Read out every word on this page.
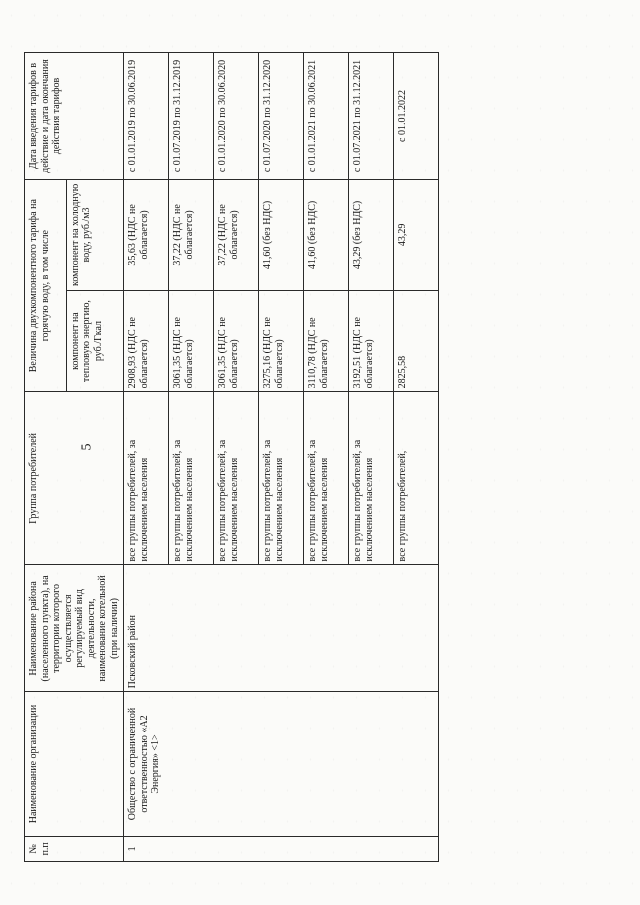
5
№ п.п	Наименование организации	Наименование района (населенного пункта), на территории которого осуществляется регулируемый вид деятельности, наименование котельной (при наличии)	Группа потребителей	Величина двухкомпонентного тарифа на горячую воду, в том числе		Дата введения тарифов в действие и дата окончания действия тарифов
				компонент на тепловую энергию, руб./Гкал	компонент на холодную воду, руб./м3	
1	Общество с ограниченной ответственностью «А2 Энергия» <1>	Псковский район	все группы потребителей, за исключением населения	2908,93 (НДС не облагается)	35,63 (НДС не облагается)	с 01.01.2019 по 30.06.2019
			все группы потребителей, за исключением населения	3061,35 (НДС не облагается)	37,22 (НДС не облагается)	с 01.07.2019 по 31.12.2019
			все группы потребителей, за исключением населения	3061,35 (НДС не облагается)	37,22 (НДС не облагается)	с 01.01.2020 по 30.06.2020
			все группы потребителей, за исключением населения	3275,16 (НДС не облагается)	41,60 (без НДС)	с 01.07.2020 по 31.12.2020
			все группы потребителей, за исключением населения	3110,78 (НДС не облагается)	41,60 (без НДС)	с 01.01.2021 по 30.06.2021
			все группы потребителей, за исключением населения	3192,51 (НДС не облагается)	43,29 (без НДС)	с 01.07.2021 по 31.12.2021
			все группы потребителей,	2825,58	43,29	с 01.01.2022
